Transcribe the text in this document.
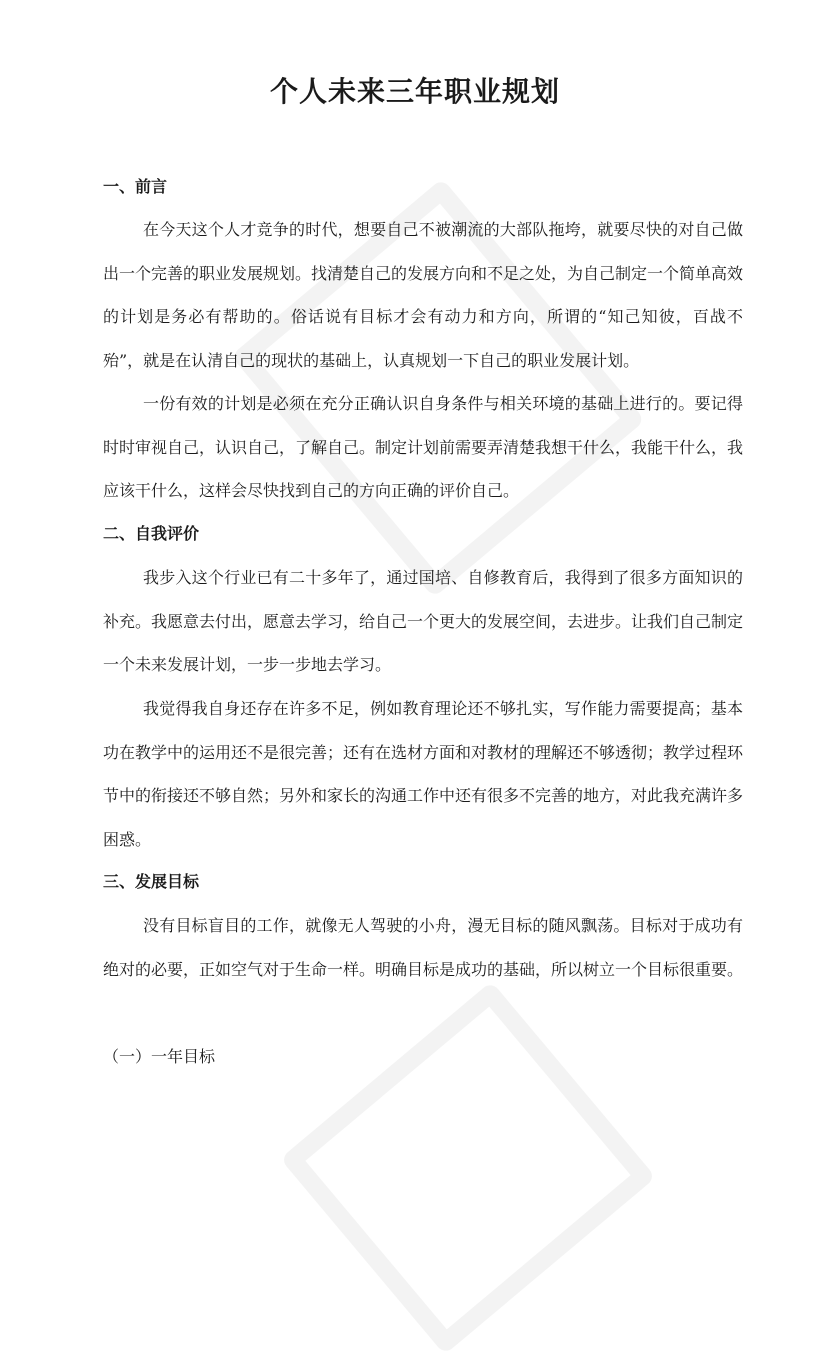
个人未来三年职业规划
一、前言

在今天这个人才竞争的时代，想要自己不被潮流的大部队拖垮，就要尽快的对自己做出一个完善的职业发展规划。找清楚自己的发展方向和不足之处，为自己制定一个简单高效的计划是务必有帮助的。俗话说有目标才会有动力和方向，所谓的“知己知彼，百战不殆”，就是在认清自己的现状的基础上，认真规划一下自己的职业发展计划。

一份有效的计划是必须在充分正确认识自身条件与相关环境的基础上进行的。要记得时时审视自己，认识自己，了解自己。制定计划前需要弄清楚我想干什么，我能干什么，我应该干什么，这样会尽快找到自己的方向正确的评价自己。

二、自我评价

我步入这个行业已有二十多年了，通过国培、自修教育后，我得到了很多方面知识的补充。我愿意去付出，愿意去学习，给自己一个更大的发展空间，去进步。让我们自己制定一个未来发展计划，一步一步地去学习。

我觉得我自身还存在许多不足，例如教育理论还不够扎实，写作能力需要提高；基本功在教学中的运用还不是很完善；还有在选材方面和对教材的理解还不够透彻；教学过程环节中的衔接还不够自然；另外和家长的沟通工作中还有很多不完善的地方，对此我充满许多困惑。

三、发展目标

没有目标盲目的工作，就像无人驾驶的小舟，漫无目标的随风飘荡。目标对于成功有绝对的必要，正如空气对于生命一样。明确目标是成功的基础，所以树立一个目标很重要。

（一）一年目标
